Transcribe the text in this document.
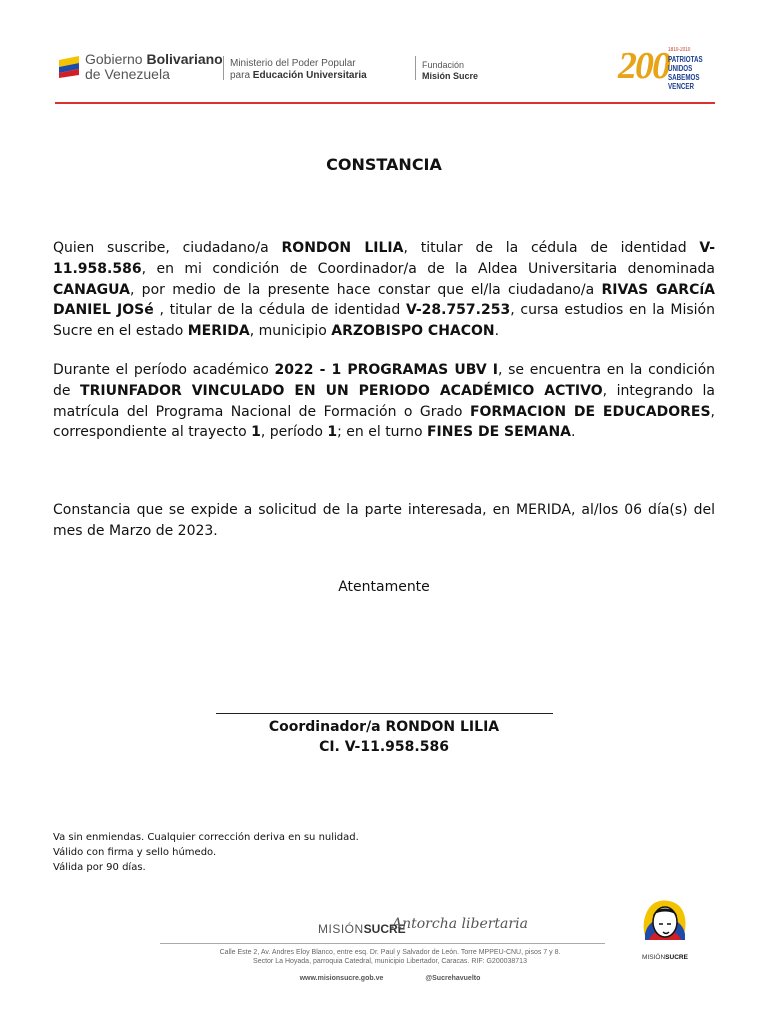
Gobierno Bolivariano
de Venezuela
Ministerio del Poder Popular
para Educación Universitaria
Fundación
Misión Sucre	200 1810-2010
PATRIOTAS UNIDOS
SABEMOS VENCER
CONSTANCIA
Quien suscribe, ciudadano/a RONDON LILIA, titular de la cédula de identidad V-11.958.586, en mi condición de Coordinador/a de la Aldea Universitaria denominada CANAGUA, por medio de la presente hace constar que el/la ciudadano/a RIVAS GARCíA DANIEL JOSé , titular de la cédula de identidad V-28.757.253, cursa estudios en la Misión Sucre en el estado MERIDA, municipio ARZOBISPO CHACON.
Durante el período académico 2022 - 1 PROGRAMAS UBV I, se encuentra en la condición de TRIUNFADOR VINCULADO EN UN PERIODO ACADÉMICO ACTIVO, integrando la matrícula del Programa Nacional de Formación o Grado FORMACION DE EDUCADORES, correspondiente al trayecto 1, período 1; en el turno FINES DE SEMANA.
Constancia que se expide a solicitud de la parte interesada, en MERIDA, al/los 06 día(s) del mes de Marzo de 2023.
Atentamente
Coordinador/a RONDON LILIA
CI. V-11.958.586
Va sin enmiendas. Cualquier corrección deriva en su nulidad.
Válido con firma y sello húmedo.
Válida por 90 días.
MISIÓNSUCRE
Antorcha libertaria
Calle Este 2, Av. Andres Eloy Blanco, entre esq. Dr. Paul y Salvador de León. Torre MPPEU-CNU, pisos 7 y 8.
Sector La Hoyada, parroquia Catedral, municipio Libertador, Caracas. RIF: G200038713
www.misionsucre.gob.ve	@Sucrehavuelto
MISIÓNSUCRE
